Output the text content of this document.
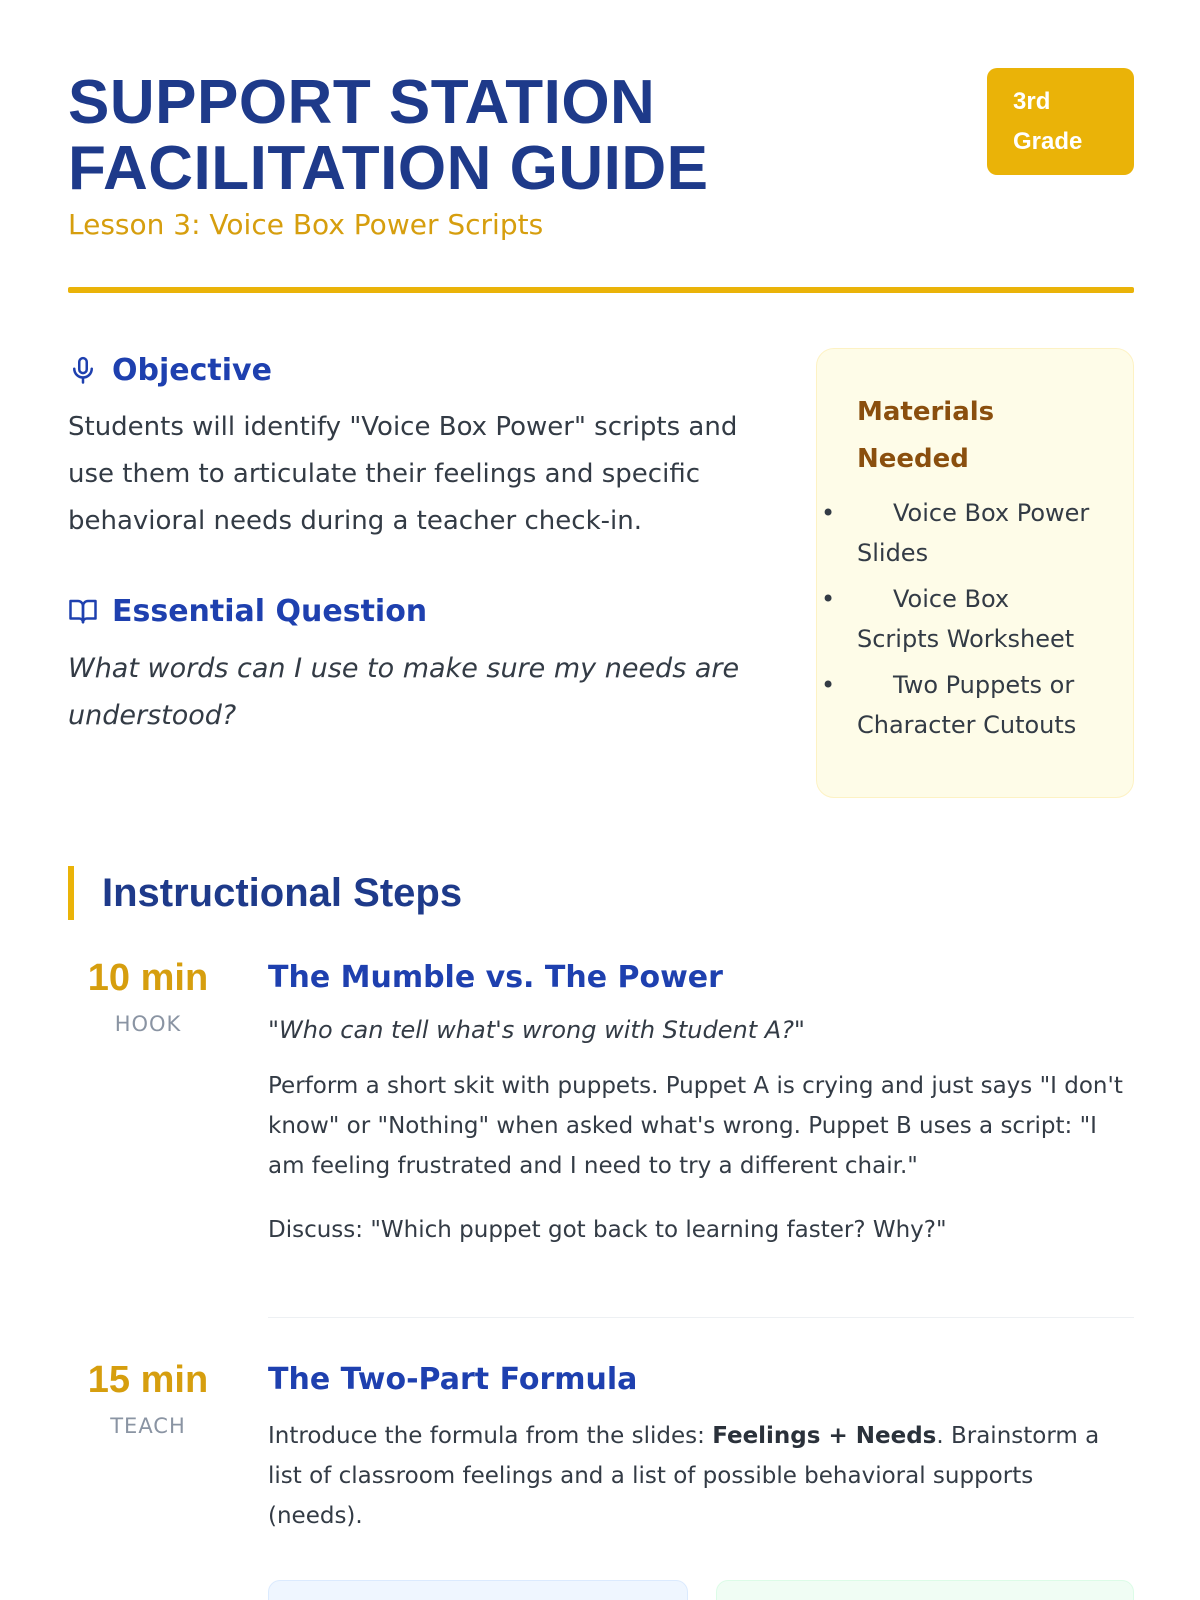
SUPPORT STATION FACILITATION GUIDE
Lesson 3: Voice Box Power Scripts
3rd Grade
Objective

Students will identify "Voice Box Power" scripts and use them to articulate their feelings and specific behavioral needs during a teacher check-in.

Essential Question

What words can I use to make sure my needs are understood?

Materials Needed
• Voice Box Power Slides
• Voice Box Scripts Worksheet
• Two Puppets or Character Cutouts
Instructional Steps
10 min
HOOK
The Mumble vs. The Power

"Who can tell what's wrong with Student A?"

Perform a short skit with puppets. Puppet A is crying and just says "I don't know" or "Nothing" when asked what's wrong. Puppet B uses a script: "I am feeling frustrated and I need to try a different chair."

Discuss: "Which puppet got back to learning faster? Why?"

15 min
TEACH
The Two-Part Formula

Introduce the formula from the slides: Feelings + Needs. Brainstorm a list of classroom feelings and a list of possible behavioral supports (needs).
